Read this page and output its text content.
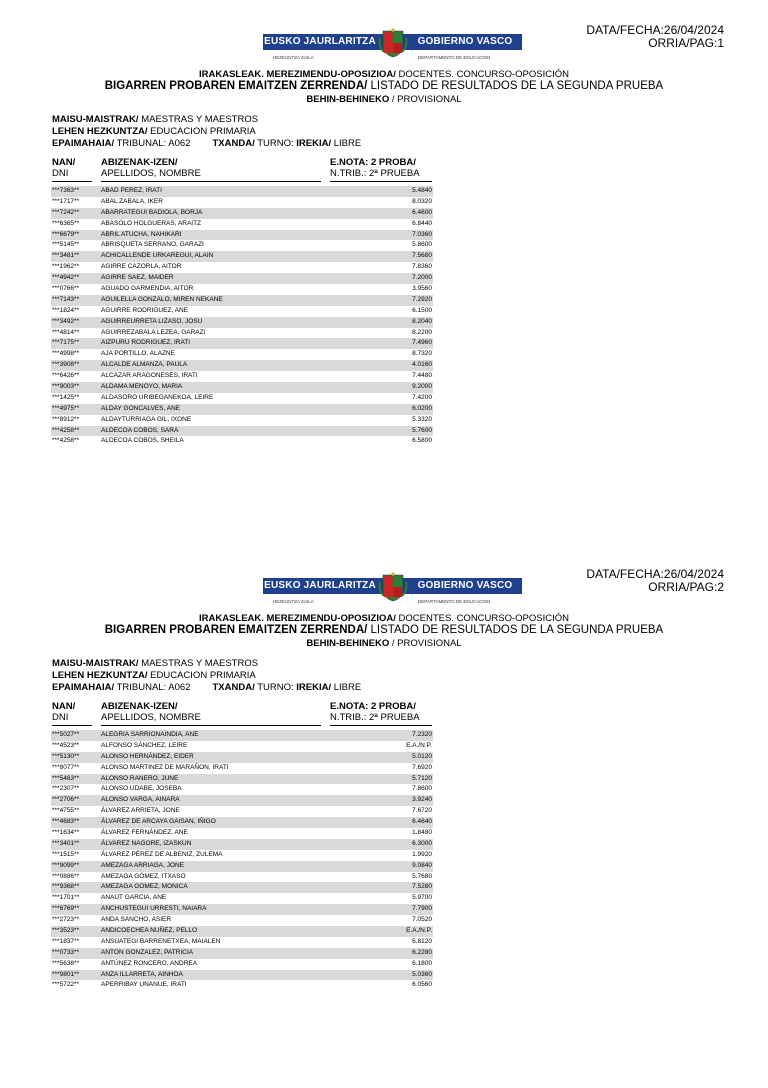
DATA/FECHA:26/04/2024
ORRIA/PAG:1
EUSKO JAURLARITZA	GOBIERNO VASCO
HEZKUNTZA SAILA	DEPARTAMENTO DE EDUCACIÓN
IRAKASLEAK. MEREZIMENDU-OPOSIZIOA/ DOCENTES. CONCURSO-OPOSICIÓN
BIGARREN PROBAREN EMAITZEN ZERRENDA/ LISTADO DE RESULTADOS DE LA SEGUNDA PRUEBA
BEHIN-BEHINEKO / PROVISIONAL
MAISU-MAISTRAK/ MAESTRAS Y MAESTROS
LEHEN HEZKUNTZA/ EDUCACION PRIMARIA
EPAIMAHAIA/ TRIBUNAL: A062 TXANDA/ TURNO: IREKIA/ LIBRE
NAN/
DNI
ABIZENAK-IZEN/
APELLIDOS, NOMBRE
E.NOTA: 2 PROBA/
N.TRIB.: 2ª PRUEBA
***7363**	ABAD PEREZ, IRATI	5.4840
***1717**	ABAL ZABALA, IKER	8.0320
***7242**	ABARRATEGUI BADIOLA, BORJA	6.4600
***6365**	ABASOLO HOLGUERAS, ARAITZ	6.8440
***6679**	ABRIL ATUCHA, NAHIKARI	7.0360
***5145**	ABRISQUETA SERRANO, GARAZI	5.8600
***3481**	ACHICALLENDE URKAREGUI, ALAIN	7.5680
***1962**	AGIRRE CAZORLA, AITOR	7.8360
***4942**	AGIRRE SAEZ, MAIDER	7.2000
***0766**	AGUADO GARMENDIA, AITOR	3.9560
***7143**	AGUILELLA GONZALO, MIREN NEKANE	7.2920
***1824**	AGUIRRE RODRIGUEZ, ANE	6.1500
***3492**	AGUIRREURRETA LIZASO, JOSU	8.2040
***4814**	AGUIRREZABALA LEZEA, GARAZI	8.2200
***7175**	AIZPURU RODRIGUEZ, IRATI	7.4960
***4998**	AJA PORTILLO, ALAZNE	8.7320
***3908**	ALCALDE ALMANZA, PAULA	4.0160
***6426**	ALCAZAR ARAGONESES, IRATI	7.4480
***9003**	ALDAMA MENOYO, MARIA	9.2000
***1425**	ALDASORO URIBEGANEKOA, LEIRE	7.4200
***4975**	ALDAY GONCALVES, ANE	6.0200
***8912**	ALDAYTURRIAGA GIL, IXONE	5.3320
***4258**	ALDECOA COBOS, SARA	5.7600
***4258**	ALDECOA COBOS, SHEILA	6.5800
DATA/FECHA:26/04/2024
ORRIA/PAG:2
EUSKO JAURLARITZA	GOBIERNO VASCO
HEZKUNTZA SAILA	DEPARTAMENTO DE EDUCACIÓN
IRAKASLEAK. MEREZIMENDU-OPOSIZIOA/ DOCENTES. CONCURSO-OPOSICIÓN
BIGARREN PROBAREN EMAITZEN ZERRENDA/ LISTADO DE RESULTADOS DE LA SEGUNDA PRUEBA
BEHIN-BEHINEKO / PROVISIONAL
MAISU-MAISTRAK/ MAESTRAS Y MAESTROS
LEHEN HEZKUNTZA/ EDUCACION PRIMARIA
EPAIMAHAIA/ TRIBUNAL: A062 TXANDA/ TURNO: IREKIA/ LIBRE
NAN/
DNI
ABIZENAK-IZEN/
APELLIDOS, NOMBRE
E.NOTA: 2 PROBA/
N.TRIB.: 2ª PRUEBA
***5027**	ALEGRIA SARRIONAINDIA, ANE	7.2320
***4523**	ALFONSO SÁNCHEZ, LEIRE	E.A./N.P.
***5130**	ALONSO HERNÁNDEZ, EIDER	5.0120
***8077**	ALONSO MARTINEZ DE MARAÑON, IRATI	7.6920
***5463**	ALONSO RANERO, JUNE	5.7120
***2307**	ALONSO UDABE, JOSEBA	7.8600
***2706**	ALONSO VARGA, AINARA	3.9240
***4755**	ÁLVAREZ ARRIETA, JONE	7.6720
***4683**	ÁLVAREZ DE ARCAYA GAISAN, IÑIGO	6.4640
***1634**	ÁLVAREZ FERNÁNDEZ, ANE	1.8480
***3401**	ÁLVAREZ NAGORE, IZASKUN	6.3000
***1515**	ÁLVAREZ PÉREZ DE ALBENIZ, ZULEMA	1.9920
***9099**	AMEZAGA ARRIAGA, JONE	9.0840
***0886**	AMEZAGA GÓMEZ, ITXASO	5.7680
***9368**	AMEZAGA GOMEZ, MONICA	7.5280
***1701**	ANAUT GARCIA, ANE	5.9700
***6769**	ANCHUSTEGUI URRESTI, NAIARA	7.7900
***2723**	ANDA SANCHO, ASIER	7.0520
***3523**	ANDICOECHEA NUÑEZ, PELLO	E.A./N.P.
***1837**	ANSUATEGI BARRENETXEA, MAIALEN	6.8120
***0733**	ANTON GONZALEZ, PATRICIA	6.2280
***5638**	ANTÚNEZ RONCERO, ANDREA	6.1800
***9801**	ANZA ILLARRETA, AINHOA	5.0360
***5722**	APERRIBAY UNANUE, IRATI	6.0560
